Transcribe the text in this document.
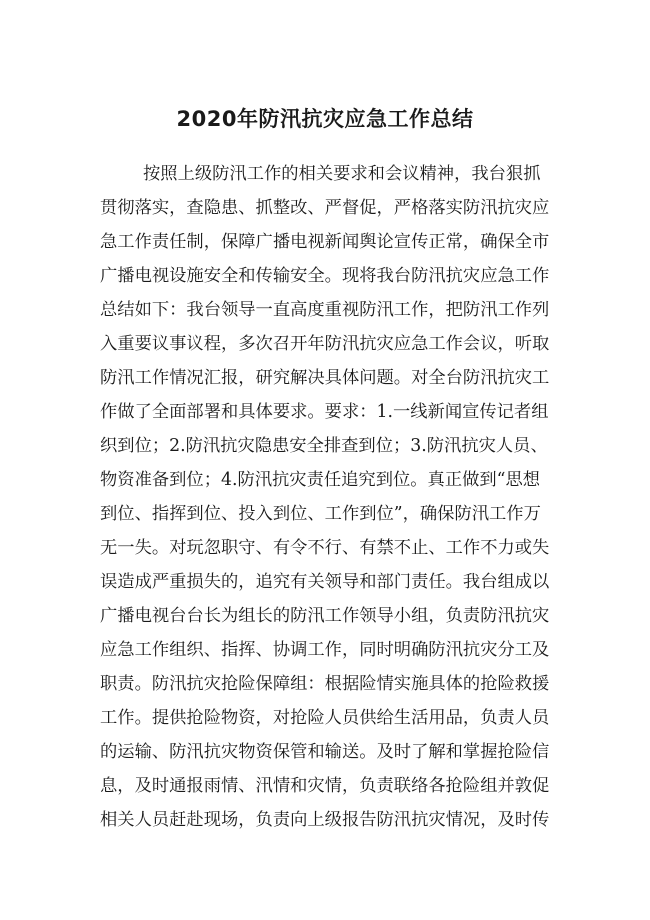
2020年防汛抗灾应急工作总结
按照上级防汛工作的相关要求和会议精神，我台狠抓
贯彻落实，查隐患、抓整改、严督促，严格落实防汛抗灾应
急工作责任制，保障广播电视新闻舆论宣传正常，确保全市
广播电视设施安全和传输安全。现将我台防汛抗灾应急工作
总结如下：我台领导一直高度重视防汛工作，把防汛工作列
入重要议事议程，多次召开年防汛抗灾应急工作会议，听取
防汛工作情况汇报，研究解决具体问题。对全台防汛抗灾工
作做了全面部署和具体要求。要求：1.一线新闻宣传记者组
织到位；2.防汛抗灾隐患安全排查到位；3.防汛抗灾人员、
物资准备到位；4.防汛抗灾责任追究到位。真正做到“思想
到位、指挥到位、投入到位、工作到位”，确保防汛工作万
无一失。对玩忽职守、有令不行、有禁不止、工作不力或失
误造成严重损失的，追究有关领导和部门责任。我台组成以
广播电视台台长为组长的防汛工作领导小组，负责防汛抗灾
应急工作组织、指挥、协调工作，同时明确防汛抗灾分工及
职责。防汛抗灾抢险保障组：根据险情实施具体的抢险救援
工作。提供抢险物资，对抢险人员供给生活用品，负责人员
的运输、防汛抗灾物资保管和输送。及时了解和掌握抢险信
息，及时通报雨情、汛情和灾情，负责联络各抢险组并敦促
相关人员赶赴现场，负责向上级报告防汛抗灾情况，及时传
